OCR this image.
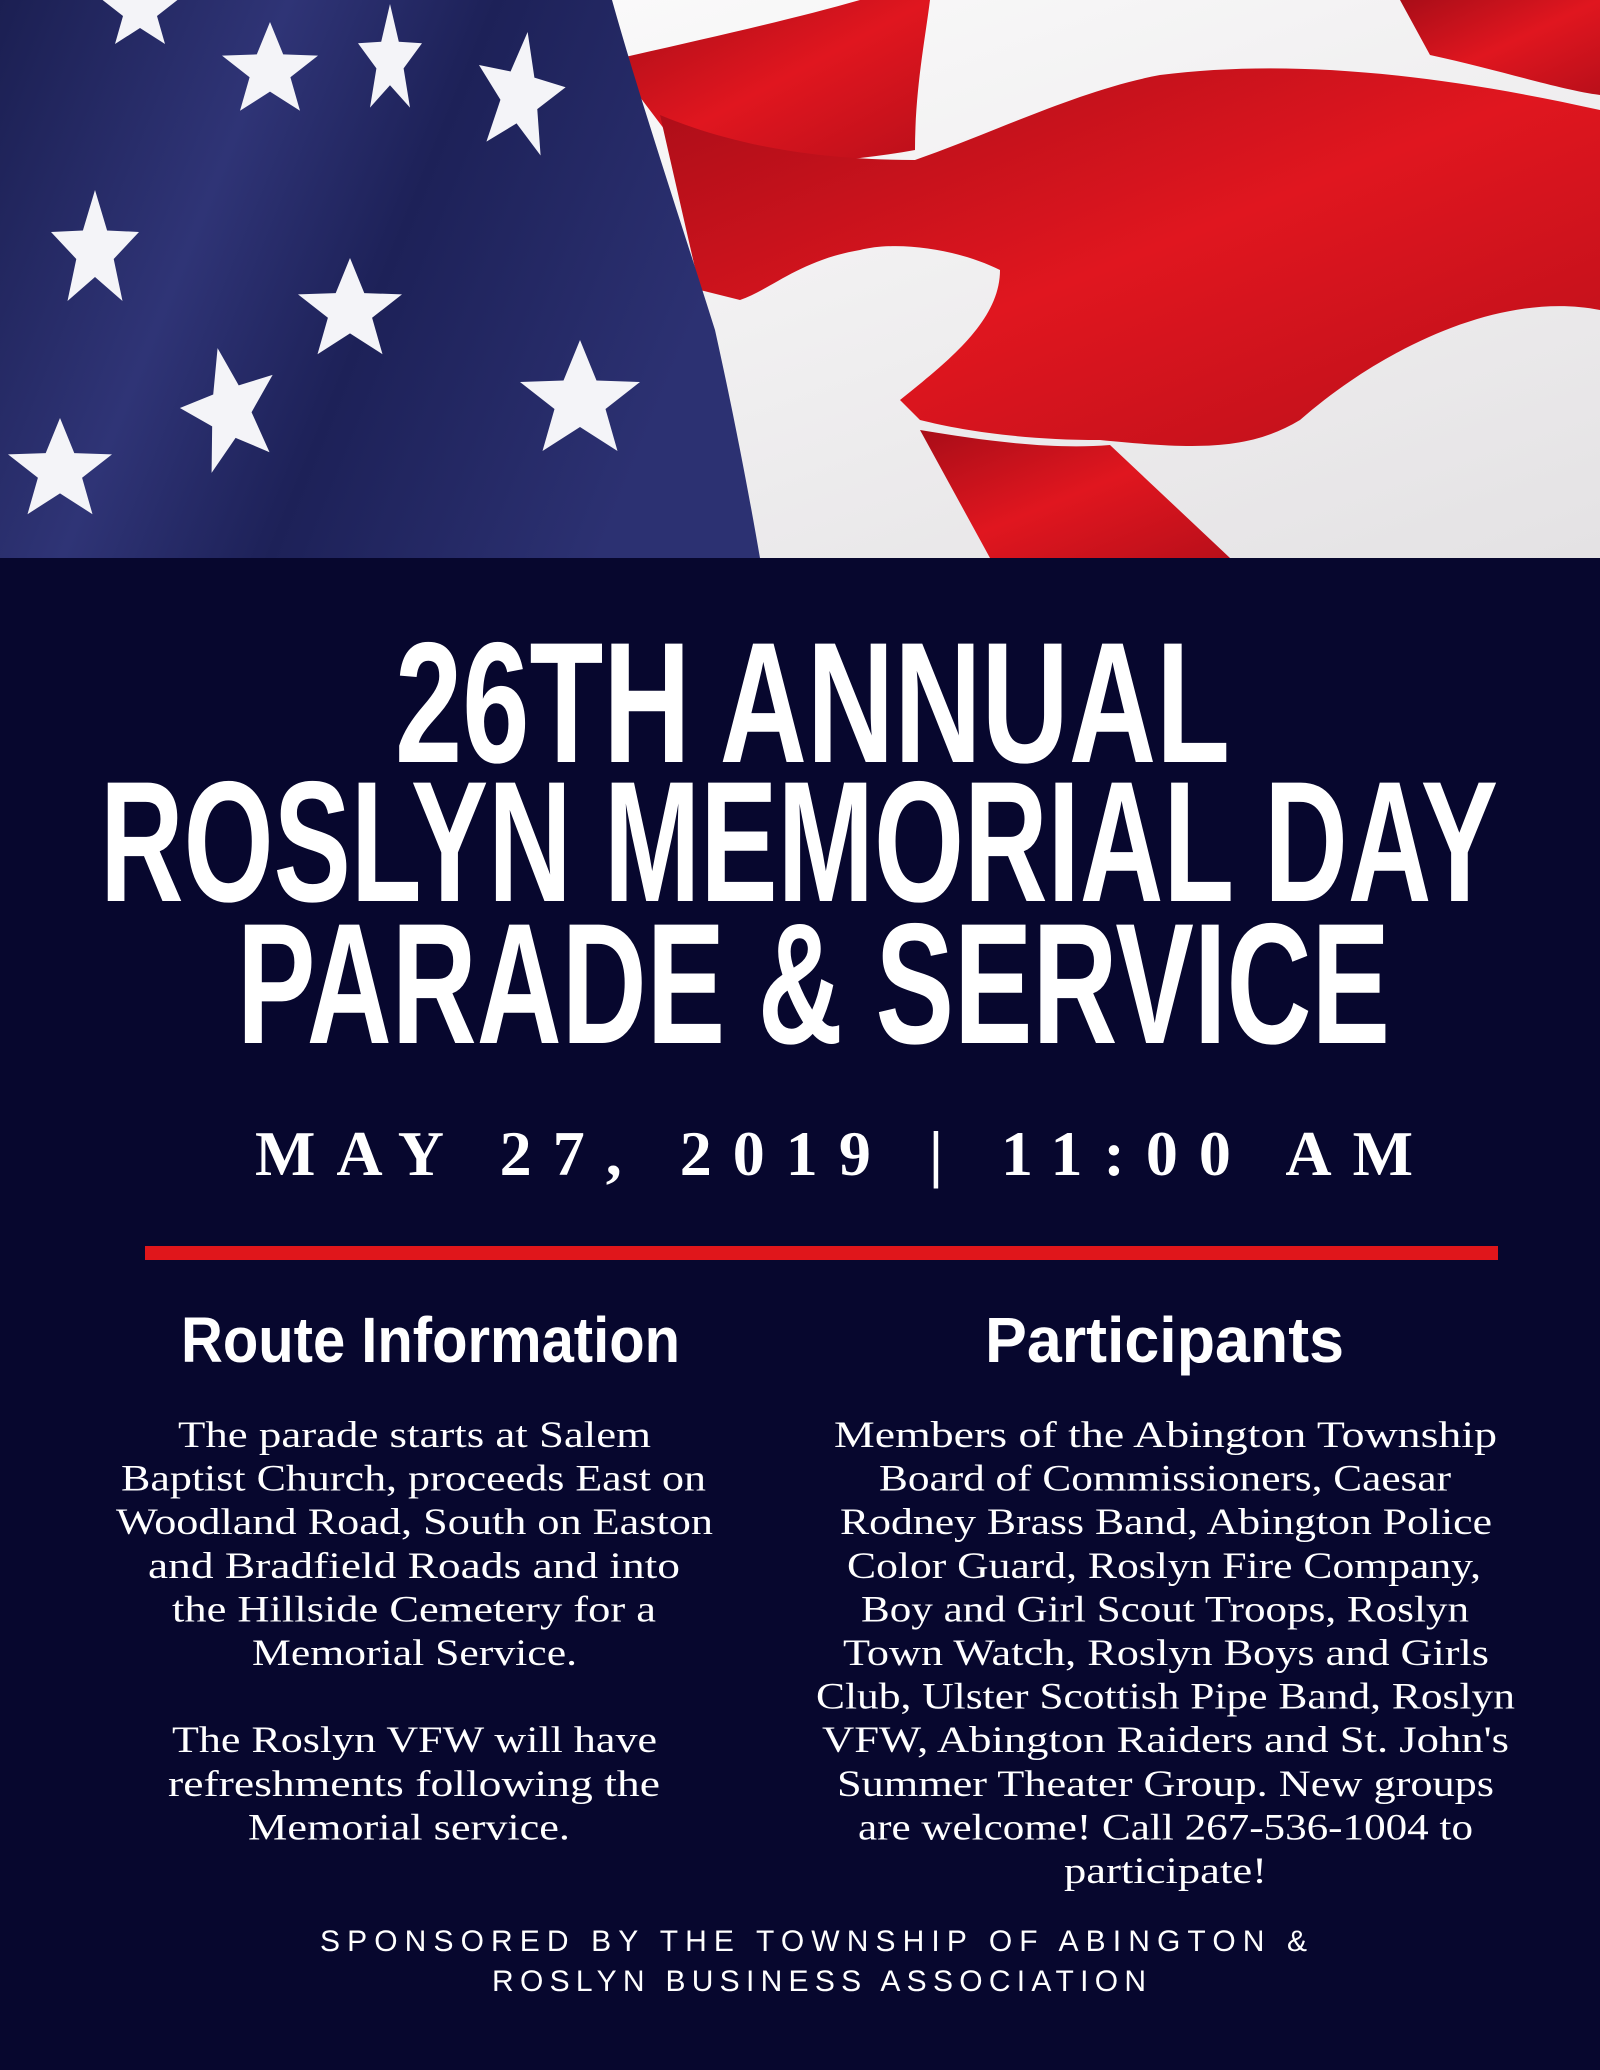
26TH ANNUAL
ROSLYN MEMORIAL DAY
PARADE & SERVICE
MAY 27, 2019 | 11:00 AM
Route Information	Participants
The parade starts at Salem
Baptist Church, proceeds East on
Woodland Road, South on Easton
and Bradfield Roads and into
the Hillside Cemetery for a
Memorial Service.
The Roslyn VFW will have
refreshments following the
Memorial service.
Members of the Abington Township
Board of Commissioners, Caesar
Rodney Brass Band, Abington Police
Color Guard, Roslyn Fire Company,
Boy and Girl Scout Troops, Roslyn
Town Watch, Roslyn Boys and Girls
Club, Ulster Scottish Pipe Band, Roslyn
VFW, Abington Raiders and St. John's
Summer Theater Group. New groups
are welcome! Call 267-536-1004 to
participate!
SPONSORED BY THE TOWNSHIP OF ABINGTON &
ROSLYN BUSINESS ASSOCIATION
